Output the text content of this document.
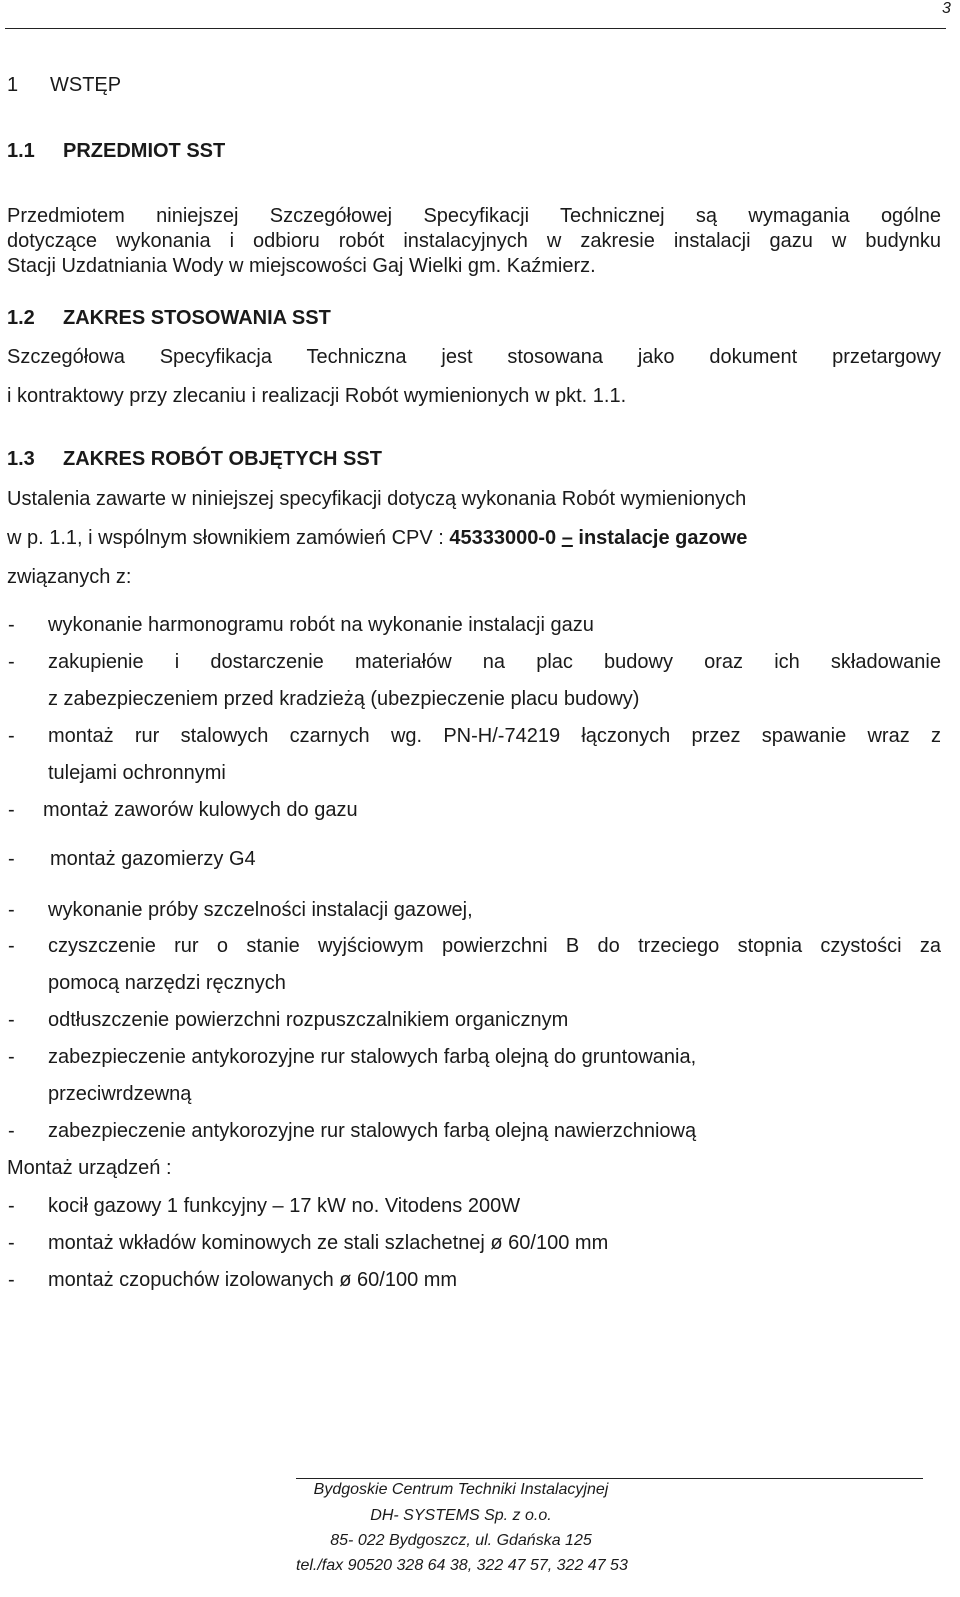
3
1 WSTĘP
1.1 PRZEDMIOT SST
Przedmiotem niniejszej Szczegółowej Specyfikacji Technicznej są wymagania ogólne
dotyczące wykonania i odbioru robót instalacyjnych w zakresie instalacji gazu w budynku
Stacji Uzdatniania Wody w miejscowości Gaj Wielki gm. Kaźmierz.
1.2 ZAKRES STOSOWANIA SST
Szczegółowa Specyfikacja Techniczna jest stosowana jako dokument przetargowy
i kontraktowy przy zlecaniu i realizacji Robót wymienionych w pkt. 1.1.
1.3 ZAKRES ROBÓT OBJĘTYCH SST
Ustalenia zawarte w niniejszej specyfikacji dotyczą wykonania Robót wymienionych
w p. 1.1, i wspólnym słownikiem zamówień CPV : 45333000-0 – instalacje gazowe
związanych z:
- wykonanie harmonogramu robót na wykonanie instalacji gazu
- zakupienie i dostarczenie materiałów na plac budowy oraz ich składowanie
z zabezpieczeniem przed kradzieżą (ubezpieczenie placu budowy)
- montaż rur stalowych czarnych wg. PN-H/-74219 łączonych przez spawanie wraz z
tulejami ochronnymi
- montaż zaworów kulowych do gazu
- montaż gazomierzy G4
- wykonanie próby szczelności instalacji gazowej,
- czyszczenie rur o stanie wyjściowym powierzchni B do trzeciego stopnia czystości za
pomocą narzędzi ręcznych
- odtłuszczenie powierzchni rozpuszczalnikiem organicznym
- zabezpieczenie antykorozyjne rur stalowych farbą olejną do gruntowania,
przeciwrdzewną
- zabezpieczenie antykorozyjne rur stalowych farbą olejną nawierzchniową
Montaż urządzeń :
- kocił gazowy 1 funkcyjny – 17 kW no. Vitodens 200W
- montaż wkładów kominowych ze stali szlachetnej ø 60/100 mm
- montaż czopuchów izolowanych ø 60/100 mm
Bydgoskie Centrum Techniki Instalacyjnej
DH- SYSTEMS Sp. z o.o.
85- 022 Bydgoszcz, ul. Gdańska 125
tel./fax 90520 328 64 38, 322 47 57, 322 47 53
